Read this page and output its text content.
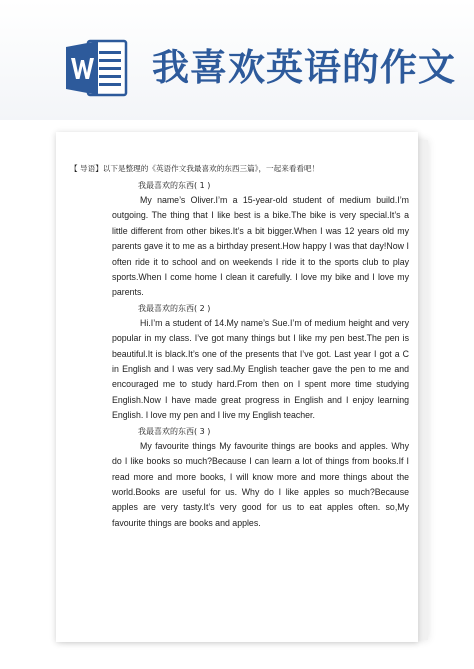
我喜欢英语的作文
【 导语】以下是整理的《英语作文我最喜欢的东西三篇》，一起来看看吧！

我最喜欢的东西( 1 )

My name’s Oliver.I’m a 15-year-old student of medium build.I’m outgoing. The thing that I like best is a bike.The bike is very special.It’s a little different from other bikes.It’s a bit bigger.When I was 12 years old my parents gave it to me as a birthday present.How happy I was that day!Now I often ride it to school and on weekends I ride it to the sports club to play sports.When I come home I clean it carefully. I love my bike and I love my parents.

我最喜欢的东西( 2 )

Hi.I’m a student of 14.My name’s Sue.I’m of medium height and very popular in my class. I’ve got many things but I like my pen best.The pen is beautiful.It is black.It’s one of the presents that I’ve got. Last year I got a C in English and I was very sad.My English teacher gave the pen to me and encouraged me to study hard.From then on I spent more time studying English.Now I have made great progress in English and I enjoy learning English. I love my pen and I live my English teacher.

我最喜欢的东西( 3 )

My favourite things My favourite things are books and apples. Why do I like books so much?Because I can learn a lot of things from books.If I read more and more books, I will know more and more things about the world.Books are useful for us. Why do I like apples so much?Because apples are very tasty.It’s very good for us to eat apples often. so,My favourite things are books and apples.
